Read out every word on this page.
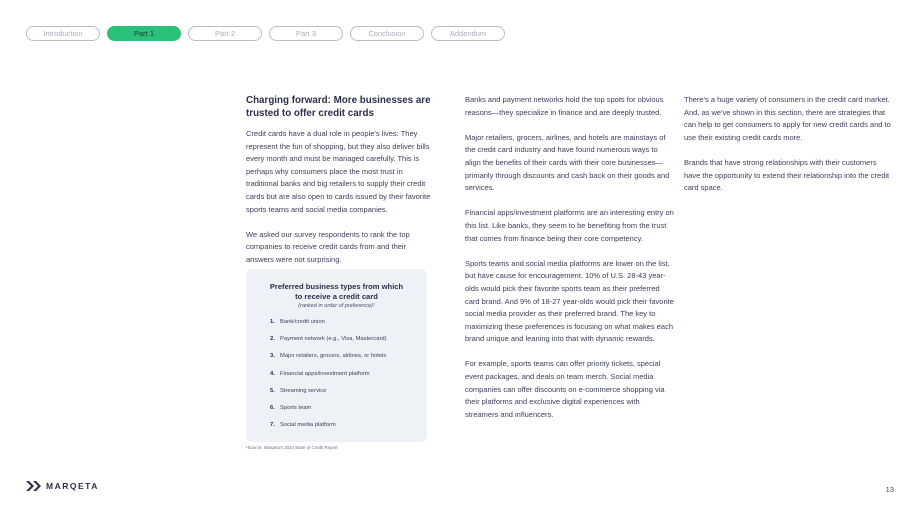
Introduction	Part 1	Part 2	Part 3	Conclusion	Addendum
Charging forward: More businesses are
trusted to offer credit cards

Credit cards have a dual role in people's lives: They represent the fun of shopping, but they also deliver bills every month and must be managed carefully. This is perhaps why consumers place the most trust in traditional banks and big retailers to supply their credit cards but are also open to cards issued by their favorite sports teams and social media companies.

We asked our survey respondents to rank the top companies to receive credit cards from and their answers were not surprising.

Preferred business types from which to receive a credit card
(ranked in order of preference)¹
1. Bank/credit union
2. Payment network (e.g., Visa, Mastercard)
3. Major retailers, grocers, airlines, or hotels
4. Financial apps/investment platform
5. Streaming service
6. Sports team
7. Social media platform
¹Source: Marqeta's 2024 State of Credit Report

Banks and payment networks hold the top spots for obvious reasons—they specialize in finance and are deeply trusted.

Major retailers, grocers, airlines, and hotels are mainstays of the credit card industry and have found numerous ways to align the benefits of their cards with their core businesses—primarily through discounts and cash back on their goods and services.

Financial apps/investment platforms are an interesting entry on this list. Like banks, they seem to be benefiting from the trust that comes from finance being their core competency.

Sports teams and social media platforms are lower on the list, but have cause for encouragement. 10% of U.S. 28-43 year-olds would pick their favorite sports team as their preferred card brand. And 9% of 18-27 year-olds would pick their favorite social media provider as their preferred brand. The key to maximizing these preferences is focusing on what makes each brand unique and leaning into that with dynamic rewards.

For example, sports teams can offer priority tickets, special event packages, and deals on team merch. Social media companies can offer discounts on e-commerce shopping via their platforms and exclusive digital experiences with streamers and influencers.

There's a huge variety of consumers in the credit card market. And, as we've shown in this section, there are strategies that can help to get consumers to apply for new credit cards and to use their existing credit cards more.

Brands that have strong relationships with their customers have the opportunity to extend their relationship into the credit card space.

MARQETA	13
